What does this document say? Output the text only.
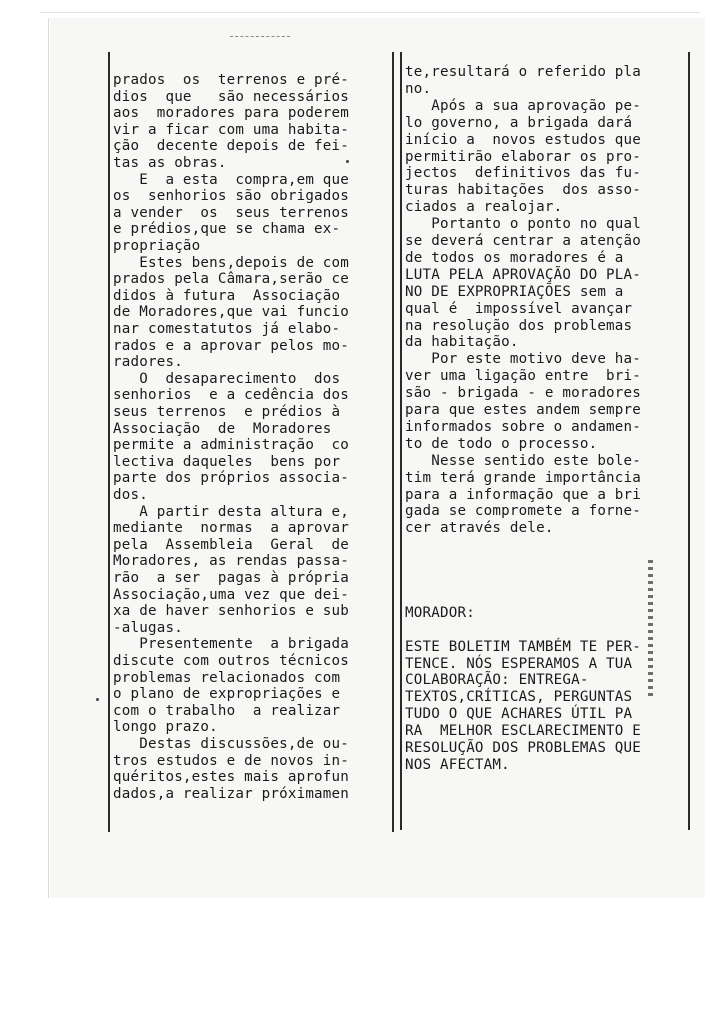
prados  os  terrenos e pré-
dios  que   são necessários
aos  moradores para poderem
vir a ficar com uma habita-
ção  decente depois de fei-
tas as obras.
E  a esta  compra,em que
os  senhorios são obrigados
a vender  os  seus terrenos
e prédios,que se chama ex-
propriação
Estes bens,depois de com
prados pela Câmara,serão ce
didos à futura  Associação
de Moradores,que vai funcio
nar comestatutos já elabo-
rados e a aprovar pelos mo-
radores.
O  desaparecimento  dos
senhorios  e a cedência dos
seus terrenos  e prédios à
Associação  de  Moradores
permite a administração  co
lectiva daqueles  bens por
parte dos próprios associa-
dos.
A partir desta altura e,
mediante  normas  a aprovar
pela  Assembleia  Geral  de
Moradores, as rendas passa-
rão  a ser  pagas à própria
Associação,uma vez que dei-
xa de haver senhorios e sub
-alugas.
Presentemente  a brigada
discute com outros técnicos
problemas relacionados com
o plano de expropriações e
com o trabalho  a realizar
longo prazo.
Destas discussões,de ou-
tros estudos e de novos in-
quéritos,estes mais aprofun
dados,a realizar próximamen
te,resultará o referido pla
no.
Após a sua aprovação pe-
lo governo, a brigada dará
início a  novos estudos que
permitirão elaborar os pro-
jectos  definitivos das fu-
turas habitações  dos asso-
ciados a realojar.
Portanto o ponto no qual
se deverá centrar a atenção
de todos os moradores é a
LUTA PELA APROVAÇÃO DO PLA-
NO DE EXPROPRIAÇÕES sem a
qual é  impossível avançar
na resolução dos problemas
da habitação.
Por este motivo deve ha-
ver uma ligação entre  bri-
são - brigada - e moradores
para que estes andem sempre
informados sobre o andamen-
to de todo o processo.
Nesse sentido este bole-
tim terá grande importância
para a informação que a bri
gada se compromete a forne-
cer através dele.
MORADOR:
ESTE BOLETIM TAMBÉM TE PER-
TENCE. NÓS ESPERAMOS A TUA
COLABORAÇÃO: ENTREGA-
TEXTOS,CRÍTICAS, PERGUNTAS
TUDO O QUE ACHARES ÚTIL PA
RA  MELHOR ESCLARECIMENTO E
RESOLUÇÃO DOS PROBLEMAS QUE
NOS AFECTAM.
